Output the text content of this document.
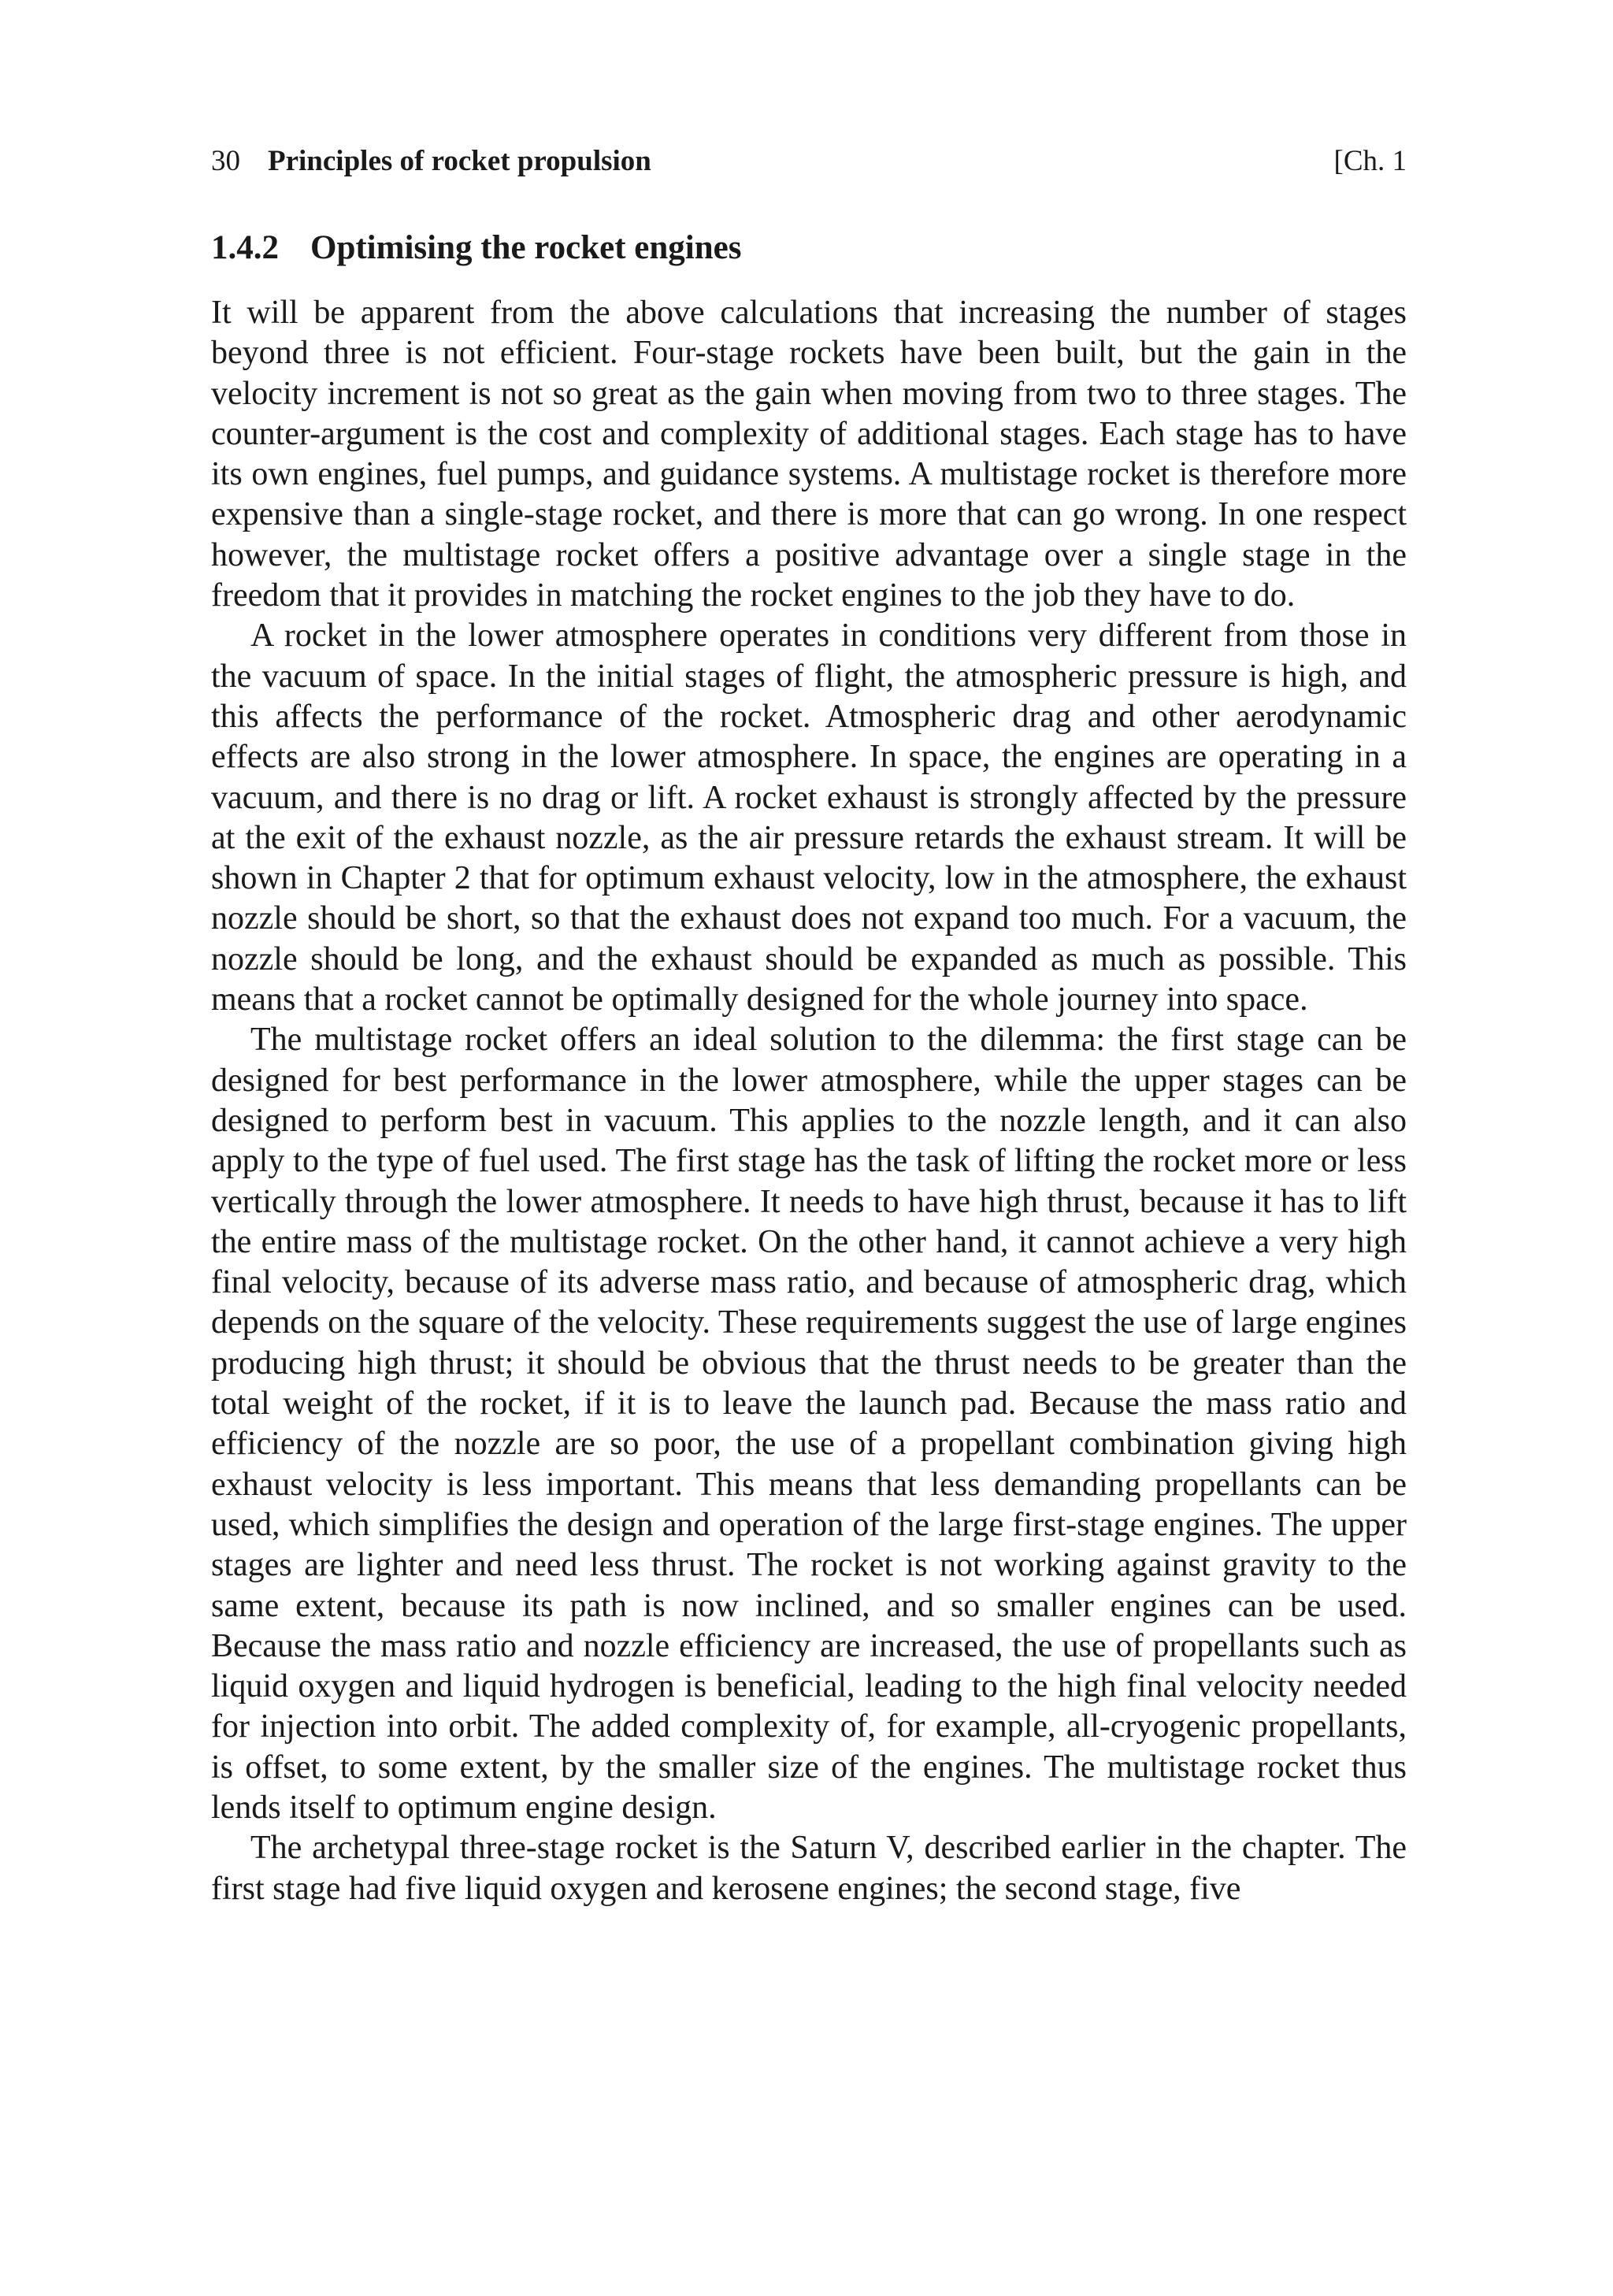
30 Principles of rocket propulsion	[Ch. 1
1.4.2 Optimising the rocket engines

It will be apparent from the above calculations that increasing the number of stages beyond three is not efficient. Four-stage rockets have been built, but the gain in the velocity increment is not so great as the gain when moving from two to three stages. The counter-argument is the cost and complexity of additional stages. Each stage has to have its own engines, fuel pumps, and guidance systems. A multistage rocket is therefore more expensive than a single-stage rocket, and there is more that can go wrong. In one respect however, the multistage rocket offers a positive advantage over a single stage in the freedom that it provides in matching the rocket engines to the job they have to do.

A rocket in the lower atmosphere operates in conditions very different from those in the vacuum of space. In the initial stages of flight, the atmospheric pressure is high, and this affects the performance of the rocket. Atmospheric drag and other aerodynamic effects are also strong in the lower atmosphere. In space, the engines are operating in a vacuum, and there is no drag or lift. A rocket exhaust is strongly affected by the pressure at the exit of the exhaust nozzle, as the air pressure retards the exhaust stream. It will be shown in Chapter 2 that for optimum exhaust velocity, low in the atmosphere, the exhaust nozzle should be short, so that the exhaust does not expand too much. For a vacuum, the nozzle should be long, and the exhaust should be expanded as much as possible. This means that a rocket cannot be optimally designed for the whole journey into space.

The multistage rocket offers an ideal solution to the dilemma: the first stage can be designed for best performance in the lower atmosphere, while the upper stages can be designed to perform best in vacuum. This applies to the nozzle length, and it can also apply to the type of fuel used. The first stage has the task of lifting the rocket more or less vertically through the lower atmosphere. It needs to have high thrust, because it has to lift the entire mass of the multistage rocket. On the other hand, it cannot achieve a very high final velocity, because of its adverse mass ratio, and because of atmospheric drag, which depends on the square of the velocity. These requirements suggest the use of large engines producing high thrust; it should be obvious that the thrust needs to be greater than the total weight of the rocket, if it is to leave the launch pad. Because the mass ratio and efficiency of the nozzle are so poor, the use of a propellant combination giving high exhaust velocity is less important. This means that less demanding propellants can be used, which simplifies the design and operation of the large first-stage engines. The upper stages are lighter and need less thrust. The rocket is not working against gravity to the same extent, because its path is now inclined, and so smaller engines can be used. Because the mass ratio and nozzle efficiency are increased, the use of propellants such as liquid oxygen and liquid hydrogen is beneficial, leading to the high final velocity needed for injection into orbit. The added complexity of, for example, all-cryogenic propellants, is offset, to some extent, by the smaller size of the engines. The multistage rocket thus lends itself to optimum engine design.

The archetypal three-stage rocket is the Saturn V, described earlier in the chapter. The first stage had five liquid oxygen and kerosene engines; the second stage, five
